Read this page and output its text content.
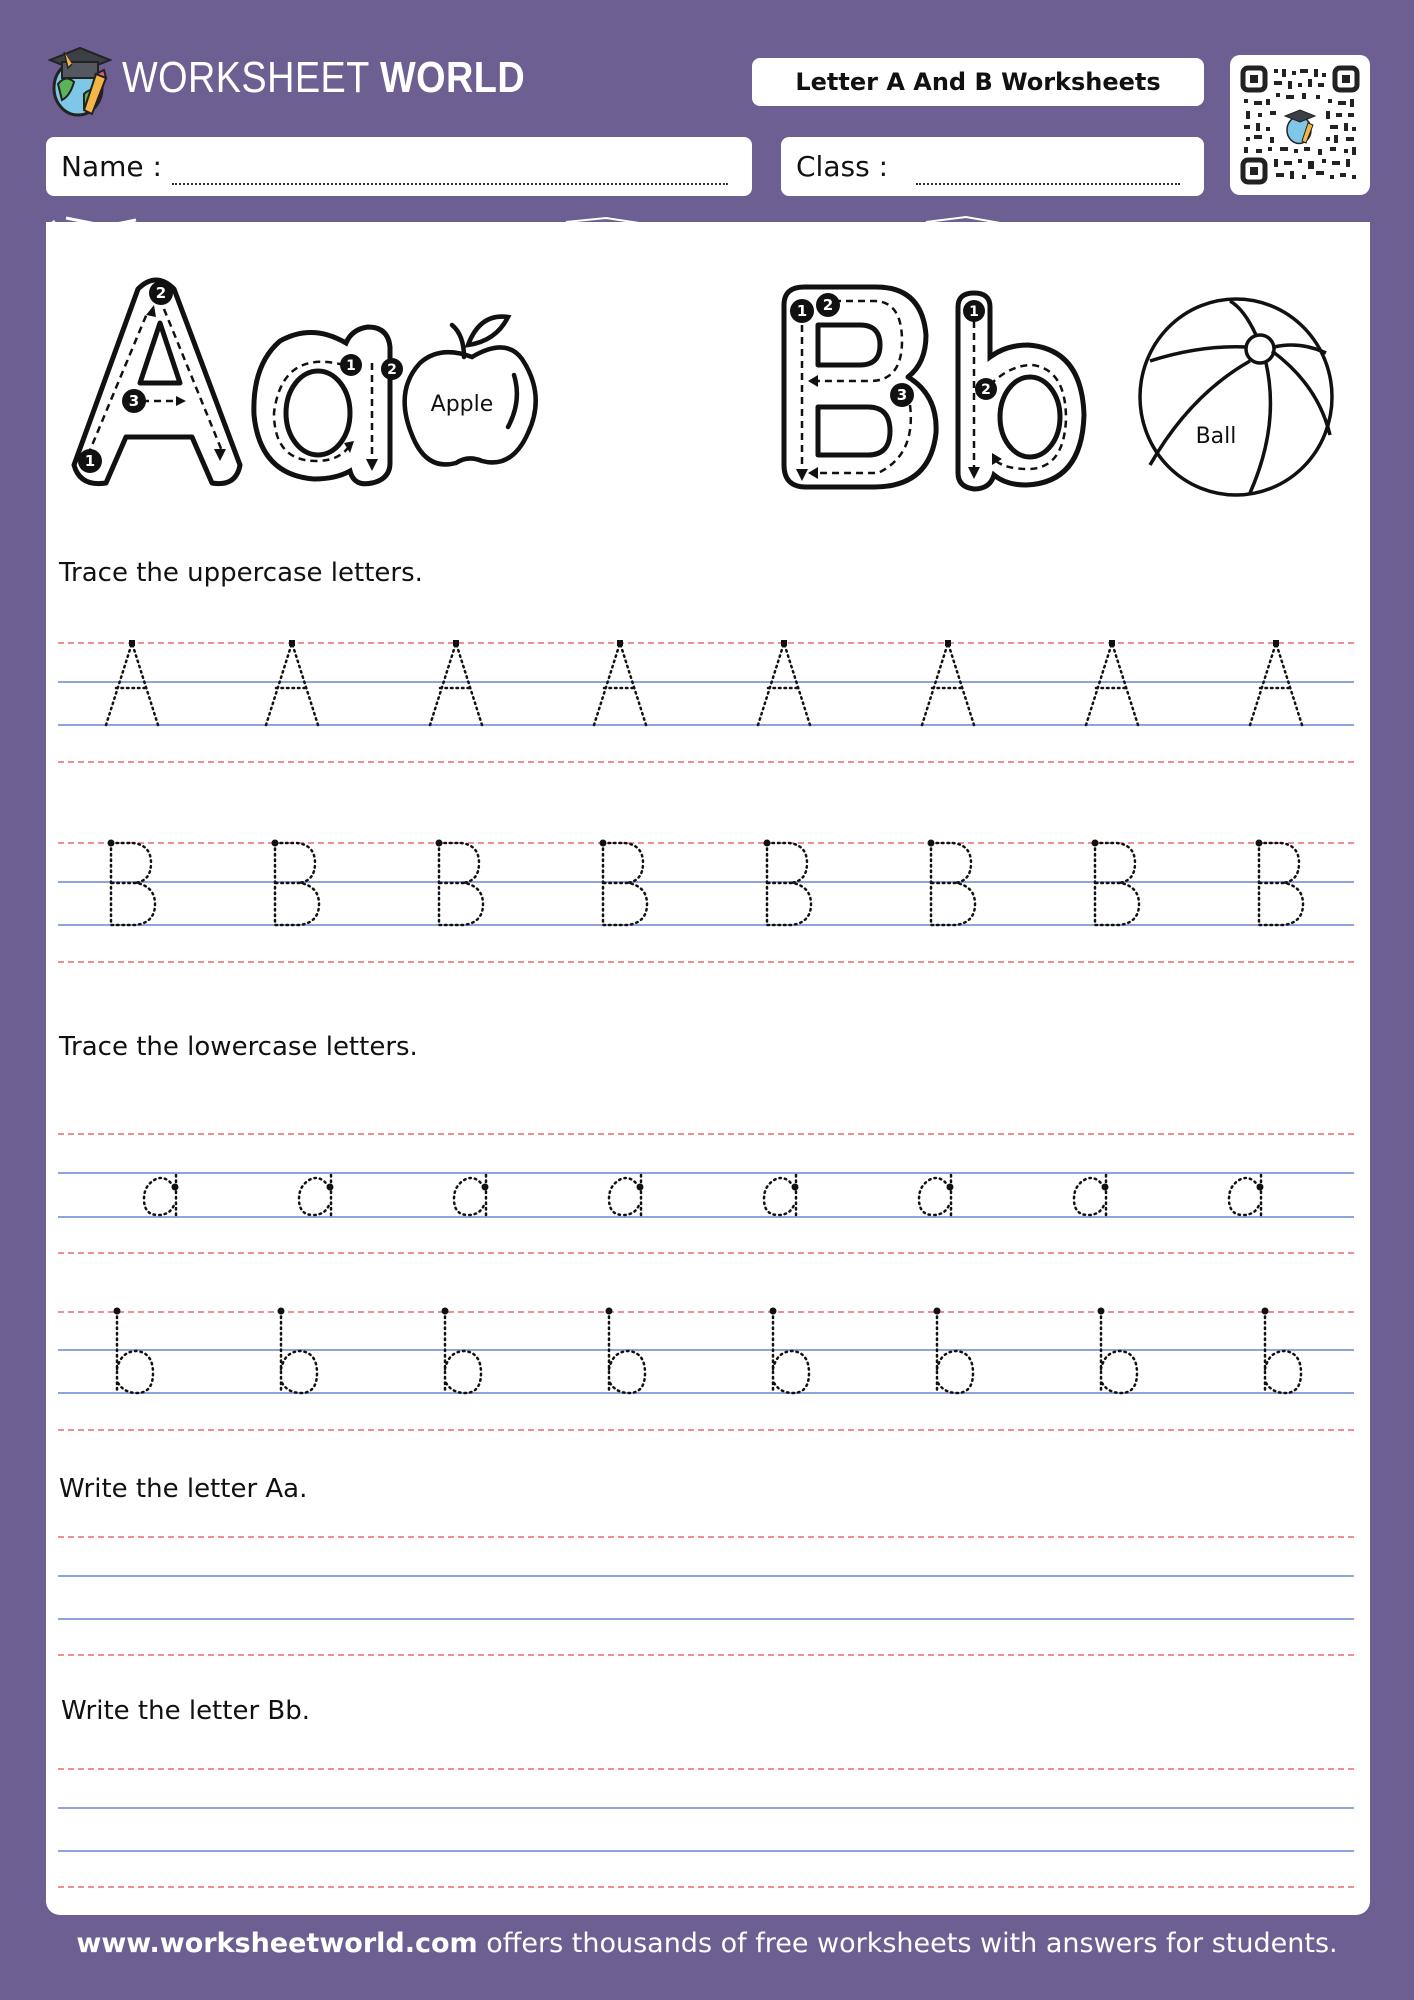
WORKSHEET WORLD	Letter A And B Worksheets
Name :	Class :
1
2
3
1 2
Apple
1 2
3
1
2
Ball
Trace the uppercase letters.
Trace the lowercase letters.
Write the letter Aa.
Write the letter Bb.
www.worksheetworld.com offers thousands of free worksheets with answers for students.
